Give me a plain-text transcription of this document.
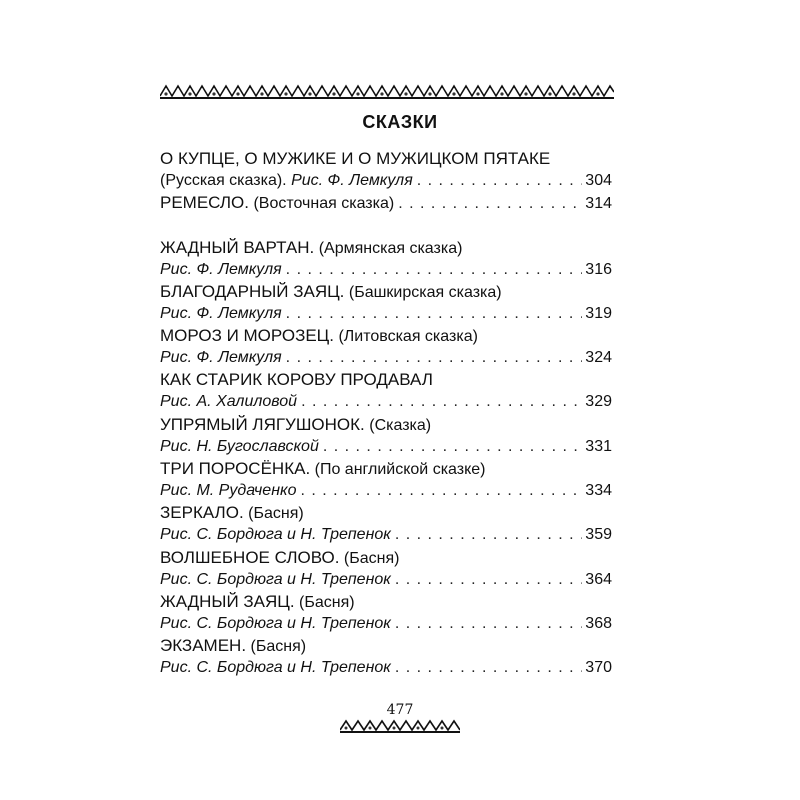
СКАЗКИ
О КУПЦЕ, О МУЖИКЕ И О МУЖИЦКОМ ПЯТАКЕ
(Русская сказка).
Рис. Ф. Лемкуля . . .	304
РЕМЕСЛО.
(Восточная сказка) . . .	314
ЖАДНЫЙ ВАРТАН.
(Армянская сказка)
Рис. Ф. Лемкуля . . .	316
БЛАГОДАРНЫЙ ЗАЯЦ.
(Башкирская сказка)
Рис. Ф. Лемкуля . . .	319
МОРОЗ И МОРОЗЕЦ.
(Литовская сказка)
Рис. Ф. Лемкуля . . .	324
КАК СТАРИК КОРОВУ ПРОДАВАЛ
Рис. А. Халиловой . . .	329
УПРЯМЫЙ ЛЯГУШОНОК.
(Сказка)
Рис. Н. Бугославской . . .	331
ТРИ ПОРОСЁНКА.
(По английской сказке)
Рис. М. Рудаченко . . .	334
ЗЕРКАЛО.
(Басня)
Рис. С. Бордюга и Н. Трепенок . . .	359
ВОЛШЕБНОЕ СЛОВО.
(Басня)
Рис. С. Бордюга и Н. Трепенок . . .	364
ЖАДНЫЙ ЗАЯЦ.
(Басня)
Рис. С. Бордюга и Н. Трепенок . . .	368
ЭКЗАМЕН.
(Басня)
Рис. С. Бордюга и Н. Трепенок . . .	370
477
